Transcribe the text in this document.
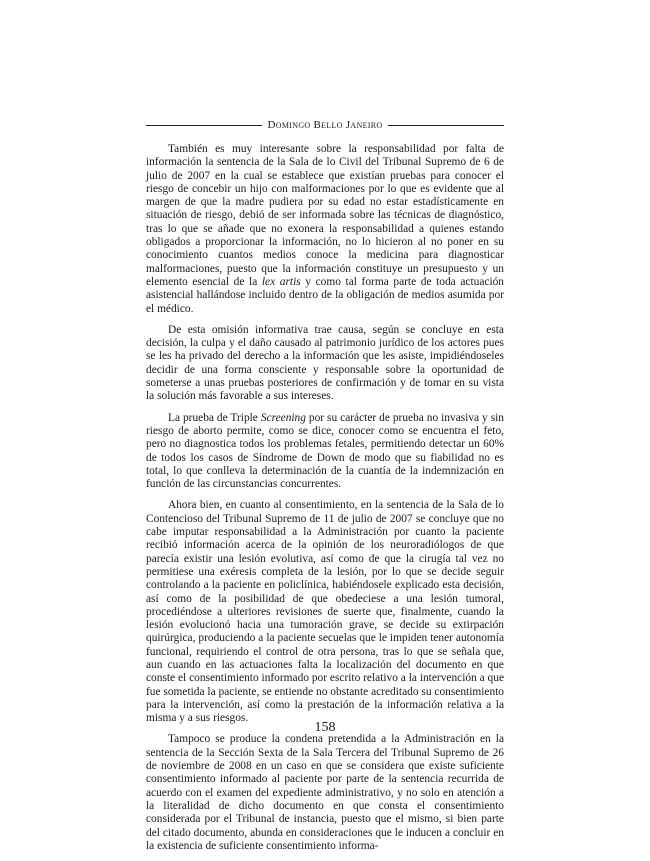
Domingo Bello Janeiro

También es muy interesante sobre la responsabilidad por falta de información la sentencia de la Sala de lo Civil del Tribunal Supremo de 6 de julio de 2007 en la cual se establece que existían pruebas para conocer el riesgo de concebir un hijo con malformaciones por lo que es evidente que al margen de que la madre pudiera por su edad no estar estadísticamente en situación de riesgo, debió de ser informada sobre las técnicas de diagnóstico, tras lo que se añade que no exonera la responsabilidad a quienes estando obligados a proporcionar la información, no lo hicieron al no poner en su conocimiento cuantos medios conoce la medicina para diagnosticar malformaciones, puesto que la información constituye un presupuesto y un elemento esencial de la lex artis y como tal forma parte de toda actuación asistencial hallándose incluido dentro de la obligación de medios asumida por el médico.

De esta omisión informativa trae causa, según se concluye en esta decisión, la culpa y el daño causado al patrimonio jurídico de los actores pues se les ha privado del derecho a la información que les asiste, impidiéndoseles decidir de una forma consciente y responsable sobre la oportunidad de someterse a unas pruebas posteriores de confirmación y de tomar en su vista la solución más favorable a sus intereses.

La prueba de Triple Screening por su carácter de prueba no invasiva y sin riesgo de aborto permite, como se dice, conocer como se encuentra el feto, pero no diagnostica todos los problemas fetales, permitiendo detectar un 60% de todos los casos de Síndrome de Down de modo que su fiabilidad no es total, lo que conlleva la determinación de la cuantía de la indemnización en función de las circunstancias concurrentes.

Ahora bien, en cuanto al consentimiento, en la sentencia de la Sala de lo Contencioso del Tribunal Supremo de 11 de julio de 2007 se concluye que no cabe imputar responsabilidad a la Administración por cuanto la paciente recibió información acerca de la opinión de los neuroradiólogos de que parecía existir una lesión evolutiva, así como de que la cirugía tal vez no permitiese una exéresis completa de la lesión, por lo que se decide seguir controlando a la paciente en policlínica, habiéndosele explicado esta decisión, así como de la posibilidad de que obedeciese a una lesión tumoral, procediéndose a ulteriores revisiones de suerte que, finalmente, cuando la lesión evolucionó hacia una tumoración grave, se decide su extirpación quirúrgica, produciendo a la paciente secuelas que le impiden tener autonomía funcional, requiriendo el control de otra persona, tras lo que se señala que, aun cuando en las actuaciones falta la localización del documento en que conste el consentimiento informado por escrito relativo a la intervención a que fue sometida la paciente, se entiende no obstante acreditado su consentimiento para la intervención, así como la prestación de la información relativa a la misma y a sus riesgos.

Tampoco se produce la condena pretendida a la Administración en la sentencia de la Sección Sexta de la Sala Tercera del Tribunal Supremo de 26 de noviembre de 2008 en un caso en que se considera que existe suficiente consentimiento informado al paciente por parte de la sentencia recurrida de acuerdo con el examen del expediente administrativo, y no solo en atención a la literalidad de dicho documento en que consta el consentimiento considerada por el Tribunal de instancia, puesto que el mismo, si bien parte del citado documento, abunda en consideraciones que le inducen a concluir en la existencia de suficiente consentimiento informa-

158
